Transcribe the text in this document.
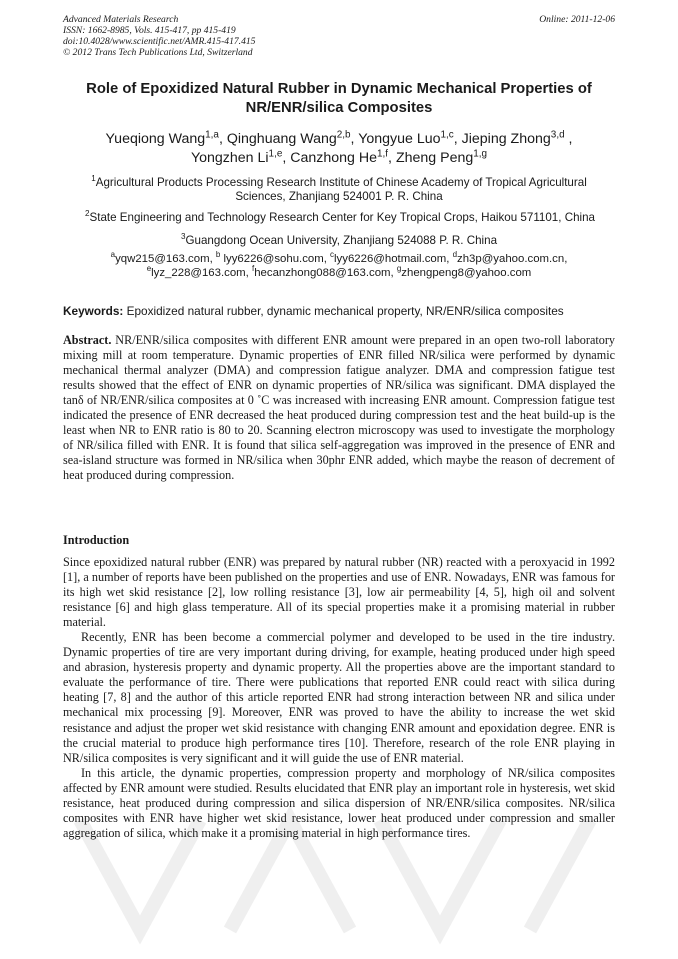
Advanced Materials Research
ISSN: 1662-8985, Vols. 415-417, pp 415-419
doi:10.4028/www.scientific.net/AMR.415-417.415
© 2012 Trans Tech Publications Ltd, Switzerland
Online: 2011-12-06
Role of Epoxidized Natural Rubber in Dynamic Mechanical Properties of
NR/ENR/silica Composites
Yueqiong Wang$^{1,a}$, Qinghuang Wang$^{2,b}$, Yongyue Luo$^{1,c}$, Jieping Zhong$^{3,d}$ ,
Yongzhen Li$^{1,e}$, Canzhong He$^{1,f}$, Zheng Peng$^{1,g}$
$^1$Agricultural Products Processing Research Institute of Chinese Academy of Tropical Agricultural
Sciences, Zhanjiang 524001 P. R. China
$^2$State Engineering and Technology Research Center for Key Tropical Crops, Haikou 571101, China
$^3$Guangdong Ocean University, Zhanjiang 524088 P. R. China
$^a$yqw215@163.com, $^b$ lyy6226@sohu.com, $^c$lyy6226@hotmail.com, $^d$zh3p@yahoo.com.cn,
$^e$lyz_228@163.com, $^f$hecanzhong088@163.com, $^g$zhengpeng8@yahoo.com
Keywords: Epoxidized natural rubber, dynamic mechanical property, NR/ENR/silica composites

Abstract. NR/ENR/silica composites with different ENR amount were prepared in an open two-roll laboratory mixing mill at room temperature. Dynamic properties of ENR filled NR/silica were performed by dynamic mechanical thermal analyzer (DMA) and compression fatigue analyzer. DMA and compression fatigue test results showed that the effect of ENR on dynamic properties of NR/silica was significant. DMA displayed the tanδ of NR/ENR/silica composites at 0 ˚C was increased with increasing ENR amount. Compression fatigue test indicated the presence of ENR decreased the heat produced during compression test and the heat build-up is the least when NR to ENR ratio is 80 to 20. Scanning electron microscopy was used to investigate the morphology of NR/silica filled with ENR. It is found that silica self-aggregation was improved in the presence of ENR and sea-island structure was formed in NR/silica when 30phr ENR added, which maybe the reason of decrement of heat produced during compression.

Introduction

Since epoxidized natural rubber (ENR) was prepared by natural rubber (NR) reacted with a peroxyacid in 1992 [1], a number of reports have been published on the properties and use of ENR. Nowadays, ENR was famous for its high wet skid resistance [2], low rolling resistance [3], low air permeability [4, 5], high oil and solvent resistance [6] and high glass temperature. All of its special properties make it a promising material in rubber material.

Recently, ENR has been become a commercial polymer and developed to be used in the tire industry. Dynamic properties of tire are very important during driving, for example, heating produced under high speed and abrasion, hysteresis property and dynamic property. All the properties above are the important standard to evaluate the performance of tire. There were publications that reported ENR could react with silica during heating [7, 8] and the author of this article reported ENR had strong interaction between NR and silica under mechanical mix processing [9]. Moreover, ENR was proved to have the ability to increase the wet skid resistance and adjust the proper wet skid resistance with changing ENR amount and epoxidation degree. ENR is the crucial material to produce high performance tires [10]. Therefore, research of the role ENR playing in NR/silica composites is very significant and it will guide the use of ENR material.

In this article, the dynamic properties, compression property and morphology of NR/silica composites affected by ENR amount were studied. Results elucidated that ENR play an important role in hysteresis, wet skid resistance, heat produced during compression and silica dispersion of NR/ENR/silica composites. NR/silica composites with ENR have higher wet skid resistance, lower heat produced under compression and smaller aggregation of silica, which make it a promising material in high performance tires.
